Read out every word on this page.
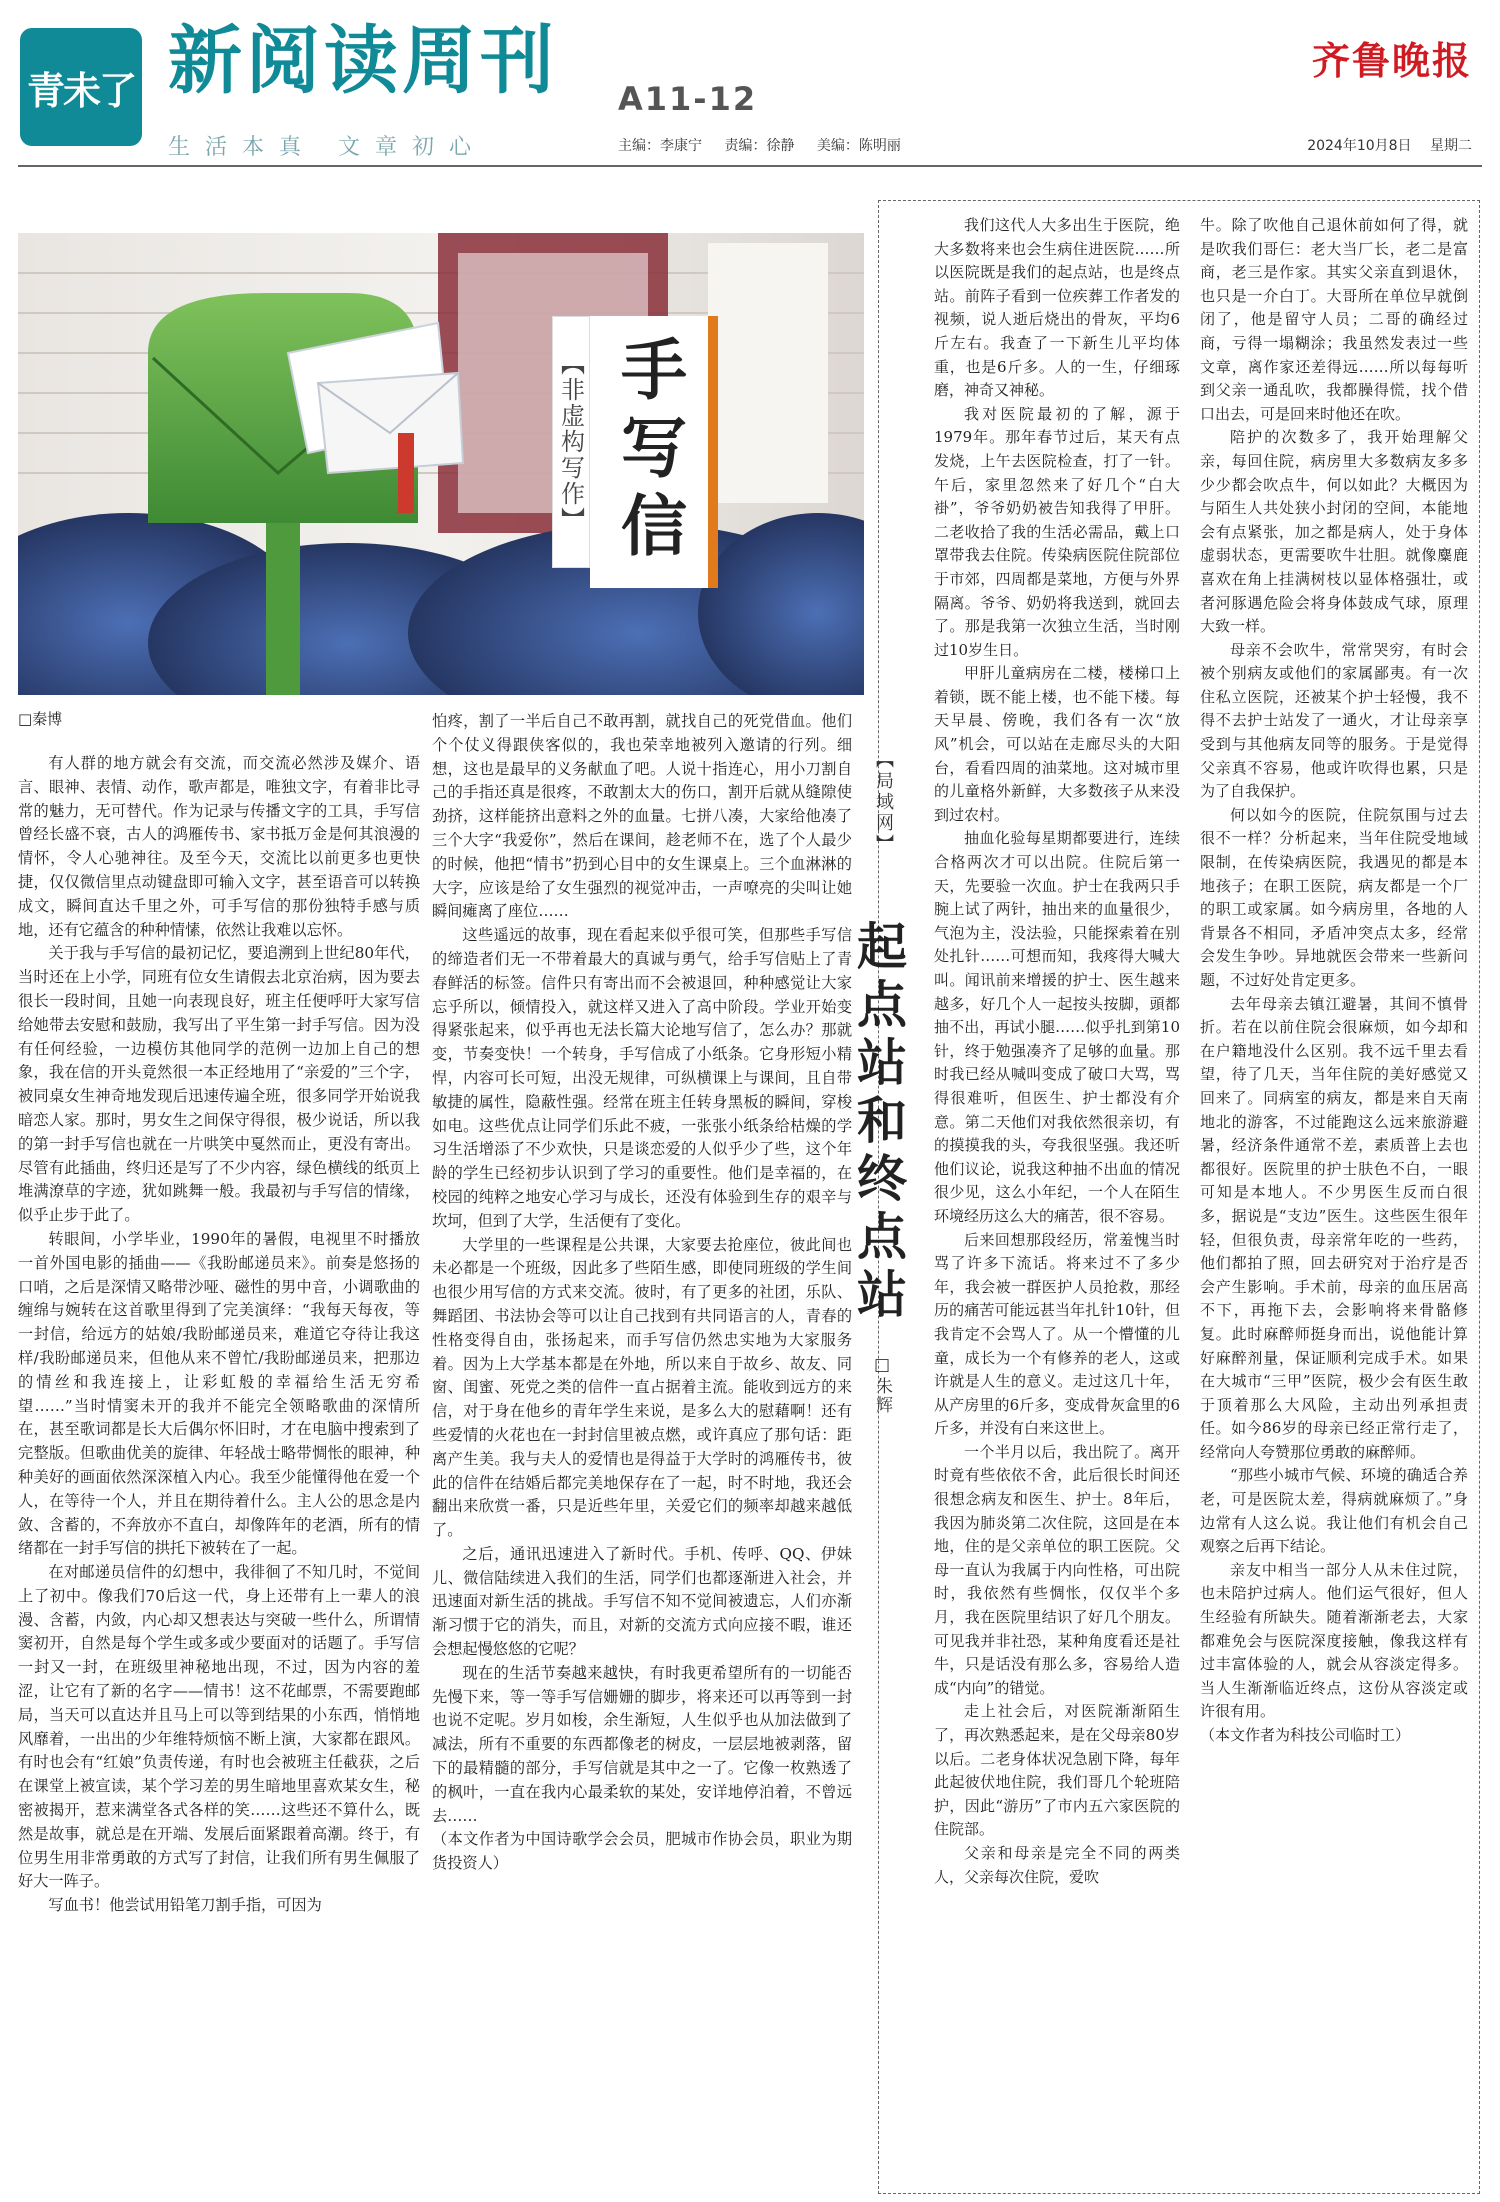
青未了 新阅读周刊 A11-12
齐鲁晚报
生活本真 文章初心	主编：李康宁 责编：徐静 美编：陈明丽	2024年10月8日 星期二
【非虚构写作】 手写信
□秦博

有人群的地方就会有交流，而交流必然涉及媒介、语言、眼神、表情、动作，歌声都是，唯独文字，有着非比寻常的魅力，无可替代。作为记录与传播文字的工具，手写信曾经长盛不衰，古人的鸿雁传书、家书抵万金是何其浪漫的情怀，令人心驰神往。及至今天，交流比以前更多也更快捷，仅仅微信里点动键盘即可输入文字，甚至语音可以转换成文，瞬间直达千里之外，可手写信的那份独特手感与质地，还有它蕴含的种种情愫，依然让我难以忘怀。

关于我与手写信的最初记忆，要追溯到上世纪80年代，当时还在上小学，同班有位女生请假去北京治病，因为要去很长一段时间，且她一向表现良好，班主任便呼吁大家写信给她带去安慰和鼓励，我写出了平生第一封手写信。因为没有任何经验，一边模仿其他同学的范例一边加上自己的想象，我在信的开头竟然很一本正经地用了“亲爱的”三个字，被同桌女生神奇地发现后迅速传遍全班，很多同学开始说我暗恋人家。那时，男女生之间保守得很，极少说话，所以我的第一封手写信也就在一片哄笑中戛然而止，更没有寄出。尽管有此插曲，终归还是写了不少内容，绿色横线的纸页上堆满潦草的字迹，犹如跳舞一般。我最初与手写信的情缘，似乎止步于此了。

转眼间，小学毕业，1990年的暑假，电视里不时播放一首外国电影的插曲——《我盼邮递员来》。前奏是悠扬的口哨，之后是深情又略带沙哑、磁性的男中音，小调歌曲的缠绵与婉转在这首歌里得到了完美演绎：“我每天每夜，等一封信，给远方的姑娘/我盼邮递员来，难道它夺待让我这样/我盼邮递员来，但他从来不曾忙/我盼邮递员来，把那边的情丝和我连接上，让彩虹般的幸福给生活无穷希望……”当时情窦未开的我并不能完全领略歌曲的深情所在，甚至歌词都是长大后偶尔怀旧时，才在电脑中搜索到了完整版。但歌曲优美的旋律、年轻战士略带惆怅的眼神，种种美好的画面依然深深植入内心。我至少能懂得他在爱一个人，在等待一个人，并且在期待着什么。主人公的思念是内敛、含蓄的，不奔放亦不直白，却像阵年的老酒，所有的情绪都在一封手写信的拱托下被转在了一起。

在对邮递员信件的幻想中，我徘徊了不知几时，不觉间上了初中。像我们70后这一代，身上还带有上一辈人的浪漫、含蓄，内敛，内心却又想表达与突破一些什么，所谓情窦初开，自然是每个学生或多或少要面对的话题了。手写信一封又一封，在班级里神秘地出现，不过，因为内容的羞涩，让它有了新的名字——情书！这不花邮票，不需要跑邮局，当天可以直达并且马上可以等到结果的小东西，悄悄地风靡着，一出出的少年维特烦恼不断上演，大家都在跟风。有时也会有“红娘”负责传递，有时也会被班主任截获，之后在课堂上被宣读，某个学习差的男生暗地里喜欢某女生，秘密被揭开，惹来满堂各式各样的笑……这些还不算什么，既然是故事，就总是在开端、发展后面紧跟着高潮。终于，有位男生用非常勇敢的方式写了封信，让我们所有男生佩服了好大一阵子。

写血书！他尝试用铅笔刀割手指，可因为

怕疼，割了一半后自己不敢再割，就找自己的死党借血。他们个个仗义得跟侠客似的，我也荣幸地被列入邀请的行列。细想，这也是最早的义务献血了吧。人说十指连心，用小刀割自己的手指还真是很疼，不敢割太大的伤口，割开后就从缝隙使劲挤，这样能挤出意料之外的血量。七拼八凑，大家给他凑了三个大字“我爱你”，然后在课间，趁老师不在，选了个人最少的时候，他把“情书”扔到心目中的女生课桌上。三个血淋淋的大字，应该是给了女生强烈的视觉冲击，一声嘹亮的尖叫让她瞬间瘫离了座位……

这些遥远的故事，现在看起来似乎很可笑，但那些手写信的缔造者们无一不带着最大的真诚与勇气，给手写信贴上了青春鲜活的标签。信件只有寄出而不会被退回，种种感觉让大家忘乎所以，倾情投入，就这样又进入了高中阶段。学业开始变得紧张起来，似乎再也无法长篇大论地写信了，怎么办？那就变，节奏变快！一个转身，手写信成了小纸条。它身形短小精悍，内容可长可短，出没无规律，可纵横课上与课间，且自带敏捷的属性，隐蔽性强。经常在班主任转身黑板的瞬间，穿梭如电。这些优点让同学们乐此不疲，一张张小纸条给枯燥的学习生活增添了不少欢快，只是谈恋爱的人似乎少了些，这个年龄的学生已经初步认识到了学习的重要性。他们是幸福的，在校园的纯粹之地安心学习与成长，还没有体验到生存的艰辛与坎坷，但到了大学，生活便有了变化。

大学里的一些课程是公共课，大家要去抢座位，彼此间也未必都是一个班级，因此多了些陌生感，即使同班级的学生间也很少用写信的方式来交流。彼时，有了更多的社团，乐队、舞蹈团、书法协会等可以让自己找到有共同语言的人，青春的性格变得自由，张扬起来，而手写信仍然忠实地为大家服务着。因为上大学基本都是在外地，所以来自于故乡、故友、同窗、闺蜜、死党之类的信件一直占据着主流。能收到远方的来信，对于身在他乡的青年学生来说，是多么大的慰藉啊！还有些爱情的火花也在一封封信里被点燃，或许真应了那句话：距离产生美。我与夫人的爱情也是得益于大学时的鸿雁传书，彼此的信件在结婚后都完美地保存在了一起，时不时地，我还会翻出来欣赏一番，只是近些年里，关爱它们的频率却越来越低了。

之后，通讯迅速进入了新时代。手机、传呼、QQ、伊妹儿、微信陆续进入我们的生活，同学们也都逐渐进入社会，并迅速面对新生活的挑战。手写信不知不觉间被遗忘，人们亦渐渐习惯于它的消失，而且，对新的交流方式向应接不暇，谁还会想起慢悠悠的它呢？

现在的生活节奏越来越快，有时我更希望所有的一切能否先慢下来，等一等手写信姗姗的脚步，将来还可以再等到一封也说不定呢。岁月如梭，余生渐短，人生似乎也从加法做到了减法，所有不重要的东西都像老的树皮，一层层地被剥落，留下的最精髓的部分，手写信就是其中之一了。它像一枚熟透了的枫叶，一直在我内心最柔软的某处，安详地停泊着，不曾远去……

（本文作者为中国诗歌学会会员，肥城市作协会员，职业为期货投资人）

【局域网】
起点站和终点站
□朱辉

我们这代人大多出生于医院，绝大多数将来也会生病住进医院……所以医院既是我们的起点站，也是终点站。前阵子看到一位疾葬工作者发的视频，说人逝后烧出的骨灰，平均6斤左右。我查了一下新生儿平均体重，也是6斤多。人的一生，仔细琢磨，神奇又神秘。

我对医院最初的了解，源于1979年。那年春节过后，某天有点发烧，上午去医院检查，打了一针。午后，家里忽然来了好几个“白大褂”，爷爷奶奶被告知我得了甲肝。二老收拾了我的生活必需品，戴上口罩带我去住院。传染病医院住院部位于市郊，四周都是菜地，方便与外界隔离。爷爷、奶奶将我送到，就回去了。那是我第一次独立生活，当时刚过10岁生日。

甲肝儿童病房在二楼，楼梯口上着锁，既不能上楼，也不能下楼。每天早晨、傍晚，我们各有一次“放风”机会，可以站在走廊尽头的大阳台，看看四周的油菜地。这对城市里的儿童格外新鲜，大多数孩子从来没到过农村。

抽血化验每星期都要进行，连续合格两次才可以出院。住院后第一天，先要验一次血。护士在我两只手腕上试了两针，抽出来的血量很少，气泡为主，没法验，只能探索着在别处扎针……可想而知，我疼得大喊大叫。闻讯前来增援的护士、医生越来越多，好几个人一起按头按脚，頭都抽不出，再试小腿……似乎扎到第10针，终于勉强凑齐了足够的血量。那时我已经从喊叫变成了破口大骂，骂得很难听，但医生、护士都没有介意。第二天他们对我依然很亲切，有的摸摸我的头，夸我很坚强。我还听他们议论，说我这种抽不出血的情况很少见，这么小年纪，一个人在陌生环境经历这么大的痛苦，很不容易。

后来回想那段经历，常羞愧当时骂了许多下流话。将来过不了多少年，我会被一群医护人员抢救，那经历的痛苦可能远甚当年扎针10针，但我肯定不会骂人了。从一个懵懂的儿童，成长为一个有修养的老人，这或许就是人生的意义。走过这几十年，从产房里的6斤多，变成骨灰盒里的6斤多，并没有白来这世上。

一个半月以后，我出院了。离开时竟有些依依不舍，此后很长时间还很想念病友和医生、护士。8年后，我因为肺炎第二次住院，这回是在本地，住的是父亲单位的职工医院。父母一直认为我属于内向性格，可出院时，我依然有些惆怅，仅仅半个多月，我在医院里结识了好几个朋友。可见我并非社恐，某种角度看还是社牛，只是话没有那么多，容易给人造成“内向”的错觉。

走上社会后，对医院渐渐陌生了，再次熟悉起来，是在父母亲80岁以后。二老身体状况急剧下降，每年此起彼伏地住院，我们哥几个轮班陪护，因此“游历”了市内五六家医院的住院部。

父亲和母亲是完全不同的两类人，父亲每次住院，爱吹

牛。除了吹他自己退休前如何了得，就是吹我们哥仨：老大当厂长，老二是富商，老三是作家。其实父亲直到退休，也只是一介白丁。大哥所在单位早就倒闭了，他是留守人员；二哥的确经过商，亏得一塌糊涂；我虽然发表过一些文章，离作家还差得远……所以每每听到父亲一通乱吹，我都臊得慌，找个借口出去，可是回来时他还在吹。

陪护的次数多了，我开始理解父亲，每回住院，病房里大多数病友多多少少都会吹点牛，何以如此？大概因为与陌生人共处狭小封闭的空间，本能地会有点紧张，加之都是病人，处于身体虚弱状态，更需要吹牛壮胆。就像麋鹿喜欢在角上挂满树枝以显体格强壮，或者河豚遇危险会将身体鼓成气球，原理大致一样。

母亲不会吹牛，常常哭穷，有时会被个别病友或他们的家属鄙夷。有一次住私立医院，还被某个护士轻慢，我不得不去护士站发了一通火，才让母亲享受到与其他病友同等的服务。于是觉得父亲真不容易，他或许吹得也累，只是为了自我保护。

何以如今的医院，住院氛围与过去很不一样？分析起来，当年住院受地域限制，在传染病医院，我遇见的都是本地孩子；在职工医院，病友都是一个厂的职工或家属。如今病房里，各地的人背景各不相同，矛盾冲突点太多，经常会发生争吵。异地就医会带来一些新问题，不过好处肯定更多。

去年母亲去镇江避暑，其间不慎骨折。若在以前住院会很麻烦，如今却和在户籍地没什么区别。我不远千里去看望，待了几天，当年住院的美好感觉又回来了。同病室的病友，都是来自天南地北的游客，不过能跑这么远来旅游避暑，经济条件通常不差，素质普上去也都很好。医院里的护士肤色不白，一眼可知是本地人。不少男医生反而白很多，据说是“支边”医生。这些医生很年轻，但很负责，母亲常年吃的一些药，他们都拍了照，回去研究对于治疗是否会产生影响。手术前，母亲的血压居高不下，再拖下去，会影响将来骨骼修复。此时麻醉师挺身而出，说他能计算好麻醉剂量，保证顺利完成手术。如果在大城市“三甲”医院，极少会有医生敢于顶着那么大风险，主动出列承担责任。如今86岁的母亲已经正常行走了，经常向人夸赞那位勇敢的麻醉师。

“那些小城市气候、环境的确适合养老，可是医院太差，得病就麻烦了。”身边常有人这么说。我让他们有机会自己观察之后再下结论。

亲友中相当一部分人从未住过院，也未陪护过病人。他们运气很好，但人生经验有所缺失。随着渐渐老去，大家都难免会与医院深度接触，像我这样有过丰富体验的人，就会从容淡定得多。当人生渐渐临近终点，这份从容淡定或许很有用。

（本文作者为科技公司临时工）
